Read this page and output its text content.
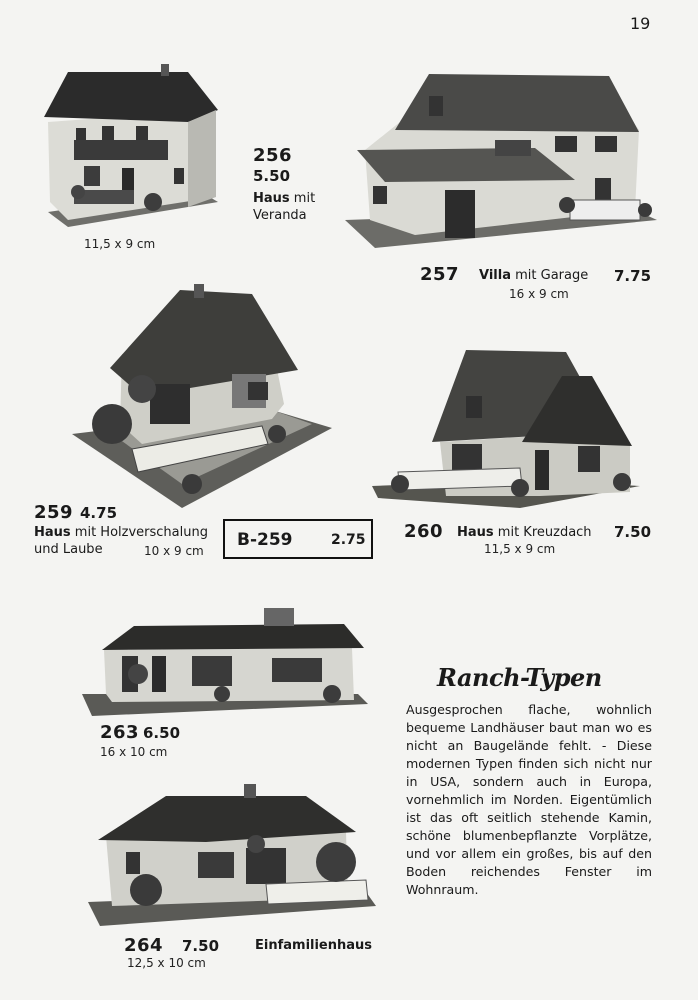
19
256
5.50
Haus mit
Veranda
11,5 x 9 cm
257 Villa mit Garage 7.75
16 x 9 cm
259 4.75
Haus mit Holzverschalung
und Laube	10 x 9 cm
B-259	2.75 260 Haus mit Kreuzdach 7.50
11,5 x 9 cm
263 6.50
16 x 10 cm
Ranch-Typen
Ausgesprochen flache, wohnlich bequeme Landhäuser baut man wo es nicht an Baugelände fehlt. - Diese modernen Typen finden sich nicht nur in USA, sondern auch in Europa, vornehmlich im Norden. Eigentümlich ist das oft seitlich stehende Kamin, schöne blumenbepflanzte Vorplätze, und vor allem ein großes, bis auf den Boden reichendes Fenster im Wohnraum.
264 7.50	Einfamilienhaus
12,5 x 10 cm
